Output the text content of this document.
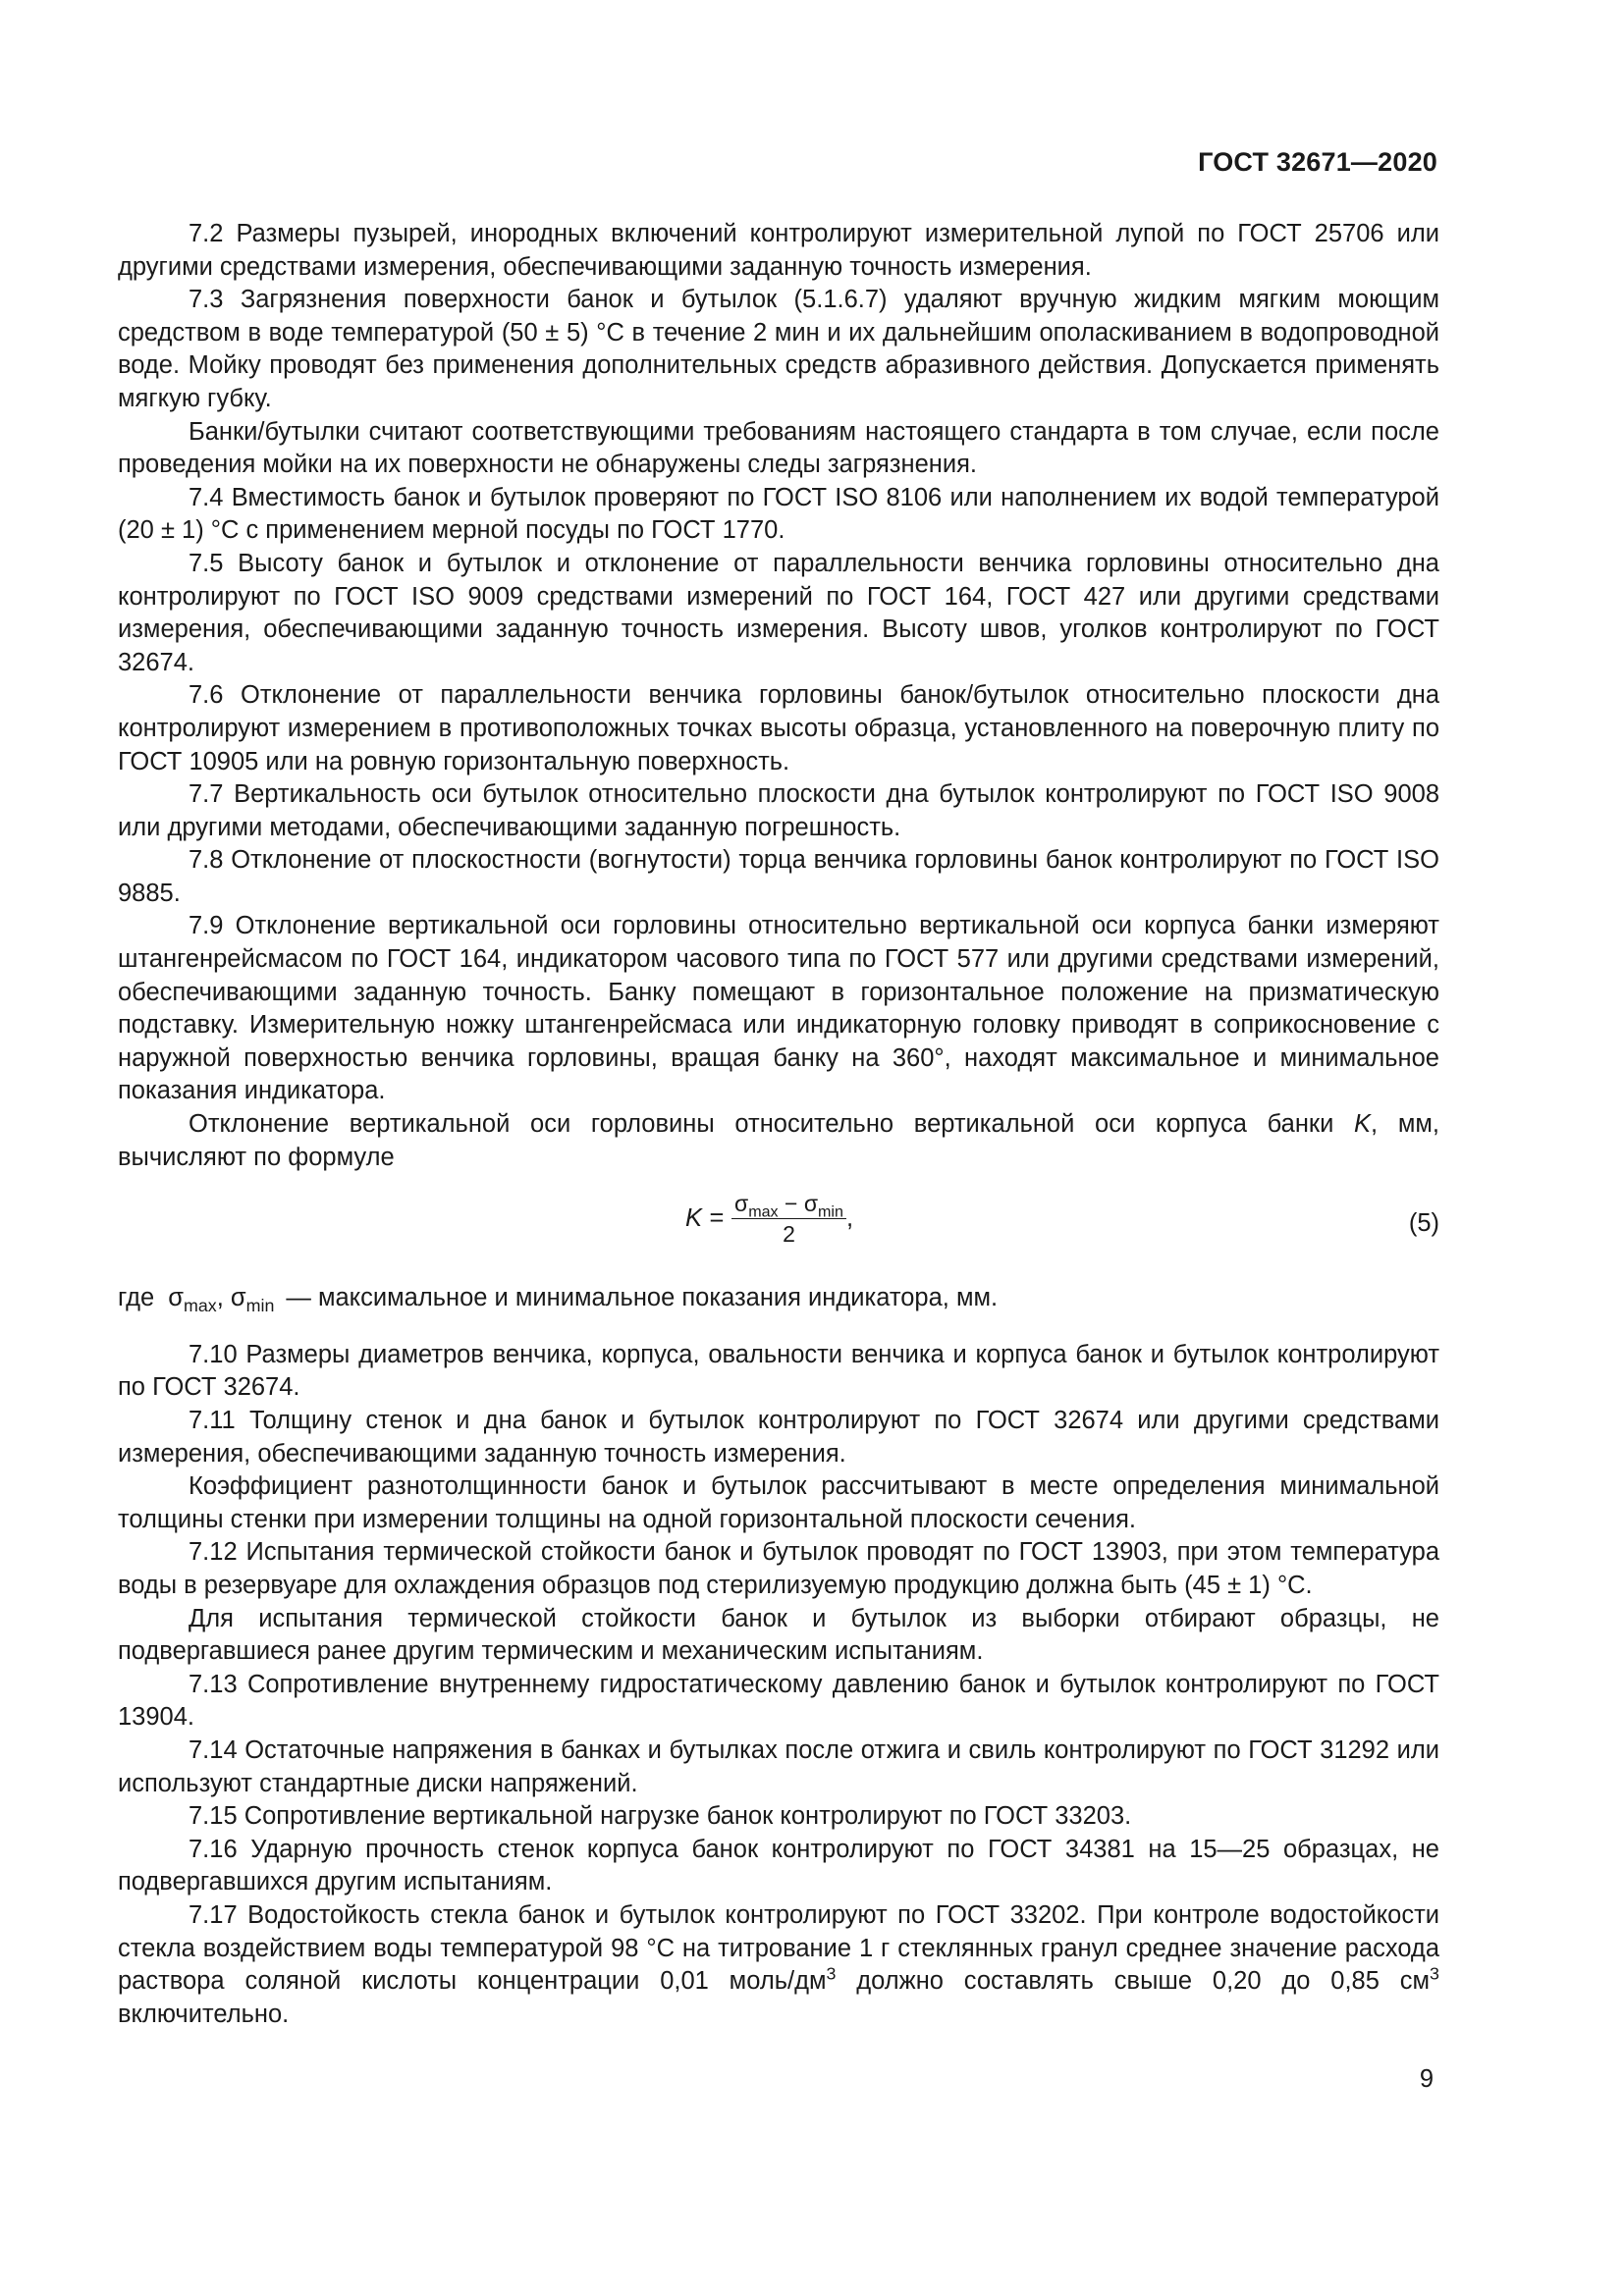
ГОСТ 32671—2020

7.2 Размеры пузырей, инородных включений контролируют измерительной лупой по ГОСТ 25706 или другими средствами измерения, обеспечивающими заданную точность измерения.

7.3 Загрязнения поверхности банок и бутылок (5.1.6.7) удаляют вручную жидким мягким моющим средством в воде температурой (50 ± 5) °С в течение 2 мин и их дальнейшим ополаскиванием в водопроводной воде. Мойку проводят без применения дополнительных средств абразивного действия. Допускается применять мягкую губку.

Банки/бутылки считают соответствующими требованиям настоящего стандарта в том случае, если после проведения мойки на их поверхности не обнаружены следы загрязнения.

7.4 Вместимость банок и бутылок проверяют по ГОСТ ISO 8106 или наполнением их водой температурой (20 ± 1) °С с применением мерной посуды по ГОСТ 1770.

7.5 Высоту банок и бутылок и отклонение от параллельности венчика горловины относительно дна контролируют по ГОСТ ISO 9009 средствами измерений по ГОСТ 164, ГОСТ 427 или другими средствами измерения, обеспечивающими заданную точность измерения. Высоту швов, уголков контролируют по ГОСТ 32674.

7.6 Отклонение от параллельности венчика горловины банок/бутылок относительно плоскости дна контролируют измерением в противоположных точках высоты образца, установленного на поверочную плиту по ГОСТ 10905 или на ровную горизонтальную поверхность.

7.7 Вертикальность оси бутылок относительно плоскости дна бутылок контролируют по ГОСТ ISO 9008 или другими методами, обеспечивающими заданную погрешность.

7.8 Отклонение от плоскостности (вогнутости) торца венчика горловины банок контролируют по ГОСТ ISO 9885.

7.9 Отклонение вертикальной оси горловины относительно вертикальной оси корпуса банки измеряют штангенрейсмасом по ГОСТ 164, индикатором часового типа по ГОСТ 577 или другими средствами измерений, обеспечивающими заданную точность. Банку помещают в горизонтальное положение на призматическую подставку. Измерительную ножку штангенрейсмаса или индикаторную головку приводят в соприкосновение с наружной поверхностью венчика горловины, вращая банку на 360°, находят максимальное и минимальное показания индикатора.

Отклонение вертикальной оси горловины относительно вертикальной оси корпуса банки K, мм, вычисляют по формуле

$K = \frac{\sigma_{max} - \sigma_{min}}{2}$ ,	(5)

где $\sigma_{max}$, $\sigma_{min}$ — максимальное и минимальное показания индикатора, мм.

7.10 Размеры диаметров венчика, корпуса, овальности венчика и корпуса банок и бутылок контролируют по ГОСТ 32674.

7.11 Толщину стенок и дна банок и бутылок контролируют по ГОСТ 32674 или другими средствами измерения, обеспечивающими заданную точность измерения.

Коэффициент разнотолщинности банок и бутылок рассчитывают в месте определения минимальной толщины стенки при измерении толщины на одной горизонтальной плоскости сечения.

7.12 Испытания термической стойкости банок и бутылок проводят по ГОСТ 13903, при этом температура воды в резервуаре для охлаждения образцов под стерилизуемую продукцию должна быть (45 ± 1) °С.

Для испытания термической стойкости банок и бутылок из выборки отбирают образцы, не подвергавшиеся ранее другим термическим и механическим испытаниям.

7.13 Сопротивление внутреннему гидростатическому давлению банок и бутылок контролируют по ГОСТ 13904.

7.14 Остаточные напряжения в банках и бутылках после отжига и свиль контролируют по ГОСТ 31292 или используют стандартные диски напряжений.

7.15 Сопротивление вертикальной нагрузке банок контролируют по ГОСТ 33203.

7.16 Ударную прочность стенок корпуса банок контролируют по ГОСТ 34381 на 15—25 образцах, не подвергавшихся другим испытаниям.

7.17 Водостойкость стекла банок и бутылок контролируют по ГОСТ 33202. При контроле водостойкости стекла воздействием воды температурой 98 °С на титрование 1 г стеклянных гранул среднее значение расхода раствора соляной кислоты концентрации 0,01 моль/$дм^3$ должно составлять свыше 0,20 до 0,85 $см^3$ включительно.

9
